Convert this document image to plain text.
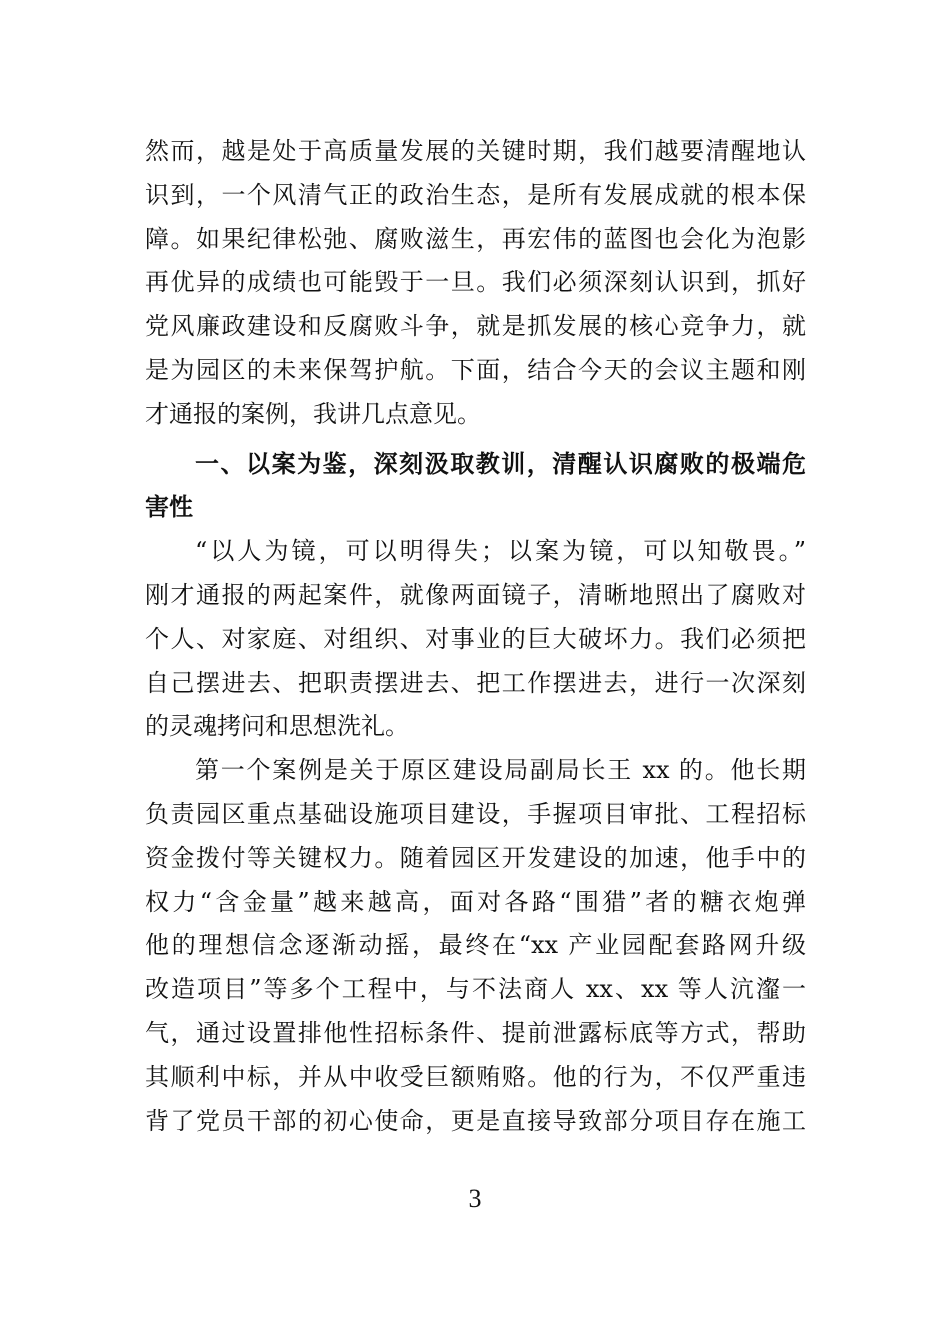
然而，越是处于高质量发展的关键时期，我们越要清醒地认
识到，一个风清气正的政治生态，是所有发展成就的根本保
障。如果纪律松弛、腐败滋生，再宏伟的蓝图也会化为泡影
再优异的成绩也可能毁于一旦。我们必须深刻认识到，抓好
党风廉政建设和反腐败斗争，就是抓发展的核心竞争力，就
是为园区的未来保驾护航。下面，结合今天的会议主题和刚
才通报的案例，我讲几点意见。
一、以案为鉴，深刻汲取教训，清醒认识腐败的极端危
害性
“以人为镜，可以明得失；以案为镜，可以知敬畏。”
刚才通报的两起案件，就像两面镜子，清晰地照出了腐败对
个人、对家庭、对组织、对事业的巨大破坏力。我们必须把
自己摆进去、把职责摆进去、把工作摆进去，进行一次深刻
的灵魂拷问和思想洗礼。
第一个案例是关于原区建设局副局长王 xx 的。他长期
负责园区重点基础设施项目建设，手握项目审批、工程招标
资金拨付等关键权力。随着园区开发建设的加速，他手中的
权力“含金量”越来越高，面对各路“围猎”者的糖衣炮弹
他的理想信念逐渐动摇，最终在“xx 产业园配套路网升级
改造项目”等多个工程中，与不法商人 xx、xx 等人沆瀣一
气，通过设置排他性招标条件、提前泄露标底等方式，帮助
其顺利中标，并从中收受巨额贿赂。他的行为，不仅严重违
背了党员干部的初心使命，更是直接导致部分项目存在施工
3
